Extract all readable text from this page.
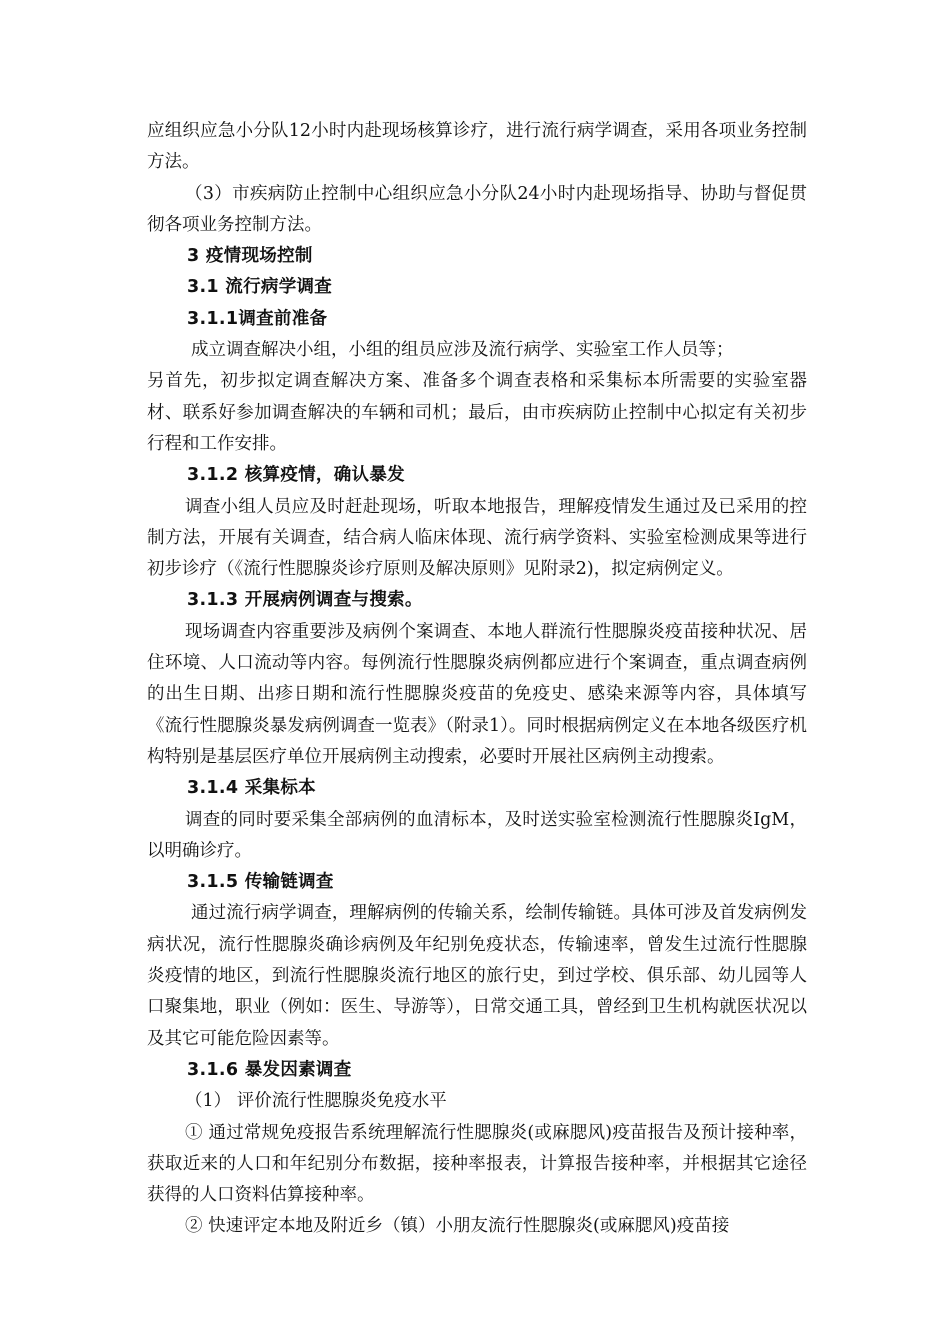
应组织应急小分队12小时内赴现场核算诊疗，进行流行病学调查，采用各项业务控制方法。

（3）市疾病防止控制中心组织应急小分队24小时内赴现场指导、协助与督促贯彻各项业务控制方法。

3 疫情现场控制

3.1 流行病学调查

3.1.1调查前准备

成立调查解决小组，小组的组员应涉及流行病学、实验室工作人员等；

另首先，初步拟定调查解决方案、准备多个调查表格和采集标本所需要的实验室器材、联系好参加调查解决的车辆和司机；最后，由市疾病防止控制中心拟定有关初步行程和工作安排。

3.1.2 核算疫情，确认暴发

调查小组人员应及时赶赴现场，听取本地报告，理解疫情发生通过及已采用的控制方法，开展有关调查，结合病人临床体现、流行病学资料、实验室检测成果等进行初步诊疗（《流行性腮腺炎诊疗原则及解决原则》见附录2)，拟定病例定义。

3.1.3 开展病例调查与搜索。

现场调查内容重要涉及病例个案调查、本地人群流行性腮腺炎疫苗接种状况、居住环境、人口流动等内容。每例流行性腮腺炎病例都应进行个案调查，重点调查病例的出生日期、出疹日期和流行性腮腺炎疫苗的免疫史、感染来源等内容，具体填写《流行性腮腺炎暴发病例调查一览表》（附录1）。同时根据病例定义在本地各级医疗机构特别是基层医疗单位开展病例主动搜索，必要时开展社区病例主动搜索。

3.1.4 采集标本

调查的同时要采集全部病例的血清标本，及时送实验室检测流行性腮腺炎IgM，以明确诊疗。

3.1.5 传输链调查

通过流行病学调查，理解病例的传输关系，绘制传输链。具体可涉及首发病例发病状况，流行性腮腺炎确诊病例及年纪别免疫状态，传输速率，曾发生过流行性腮腺炎疫情的地区，到流行性腮腺炎流行地区的旅行史，到过学校、俱乐部、幼儿园等人口聚集地，职业（例如：医生、导游等），日常交通工具，曾经到卫生机构就医状况以及其它可能危险因素等。

3.1.6 暴发因素调查

（1） 评价流行性腮腺炎免疫水平

① 通过常规免疫报告系统理解流行性腮腺炎(或麻腮风)疫苗报告及预计接种率，获取近来的人口和年纪别分布数据，接种率报表，计算报告接种率，并根据其它途径获得的人口资料估算接种率。

② 快速评定本地及附近乡（镇）小朋友流行性腮腺炎(或麻腮风)疫苗接
